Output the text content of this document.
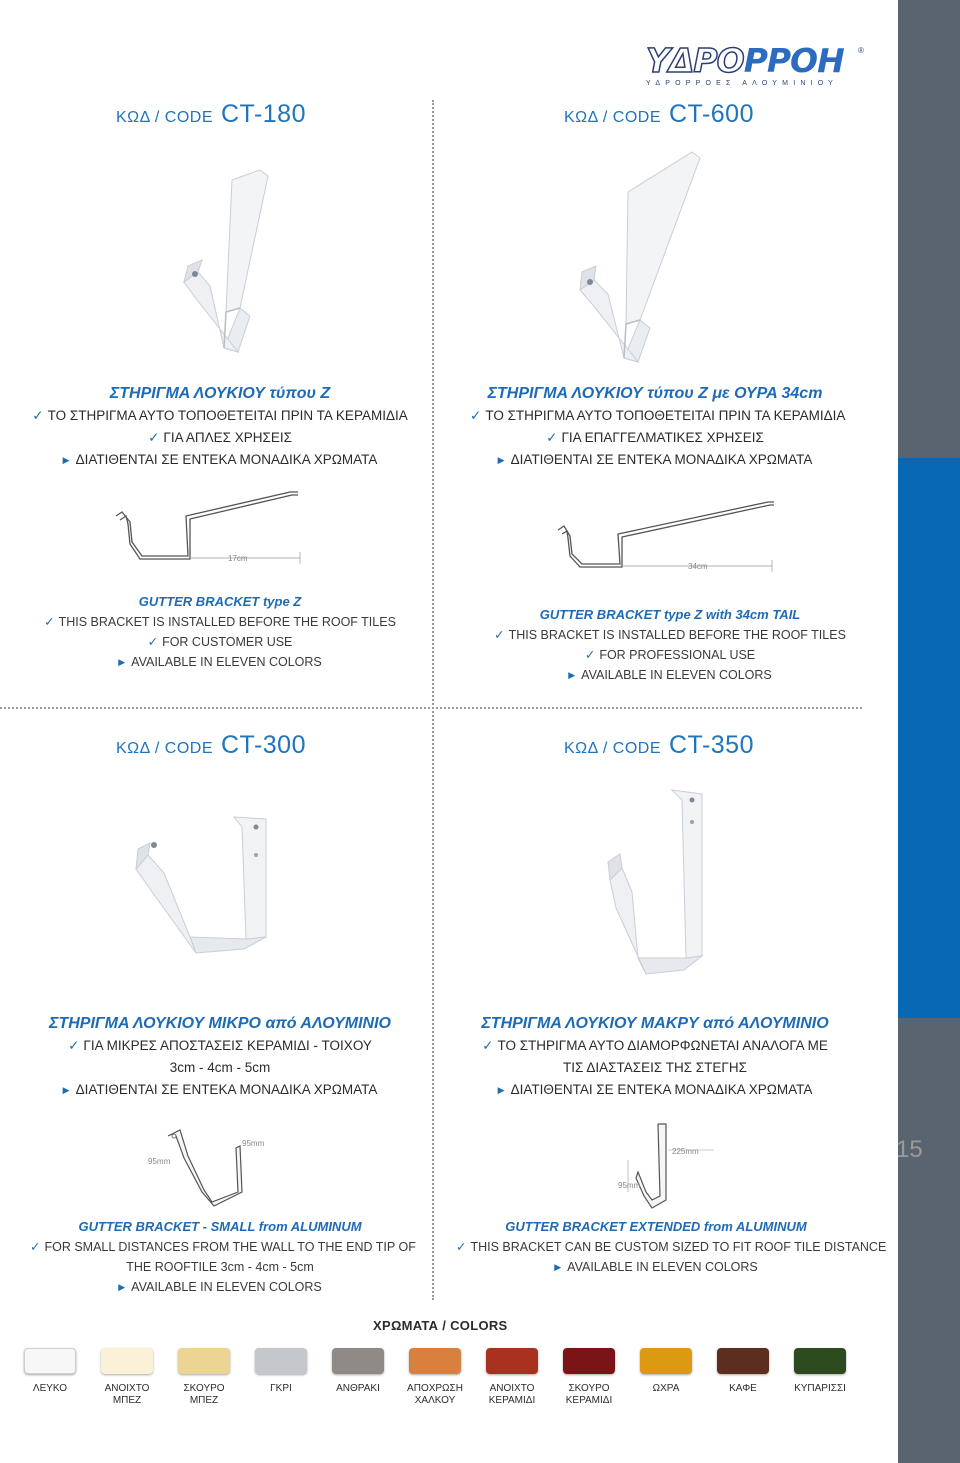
ΥΔΡΟΡΡΟΗ
ΥΔΡΟΡΡΟΕΣ ΑΛΟΥΜΙΝΙΟΥ
®
ΚΩΔ / CODE CT-180
ΣΤΗΡΙΓΜΑ ΛΟΥΚΙΟΥ τύπου Ζ
✓ ΤΟ ΣΤΗΡΙΓΜΑ ΑΥΤΟ ΤΟΠΟΘΕΤΕΙΤΑΙ ΠΡΙΝ ΤΑ ΚΕΡΑΜΙΔΙΑ
✓ ΓΙΑ ΑΠΛΕΣ ΧΡΗΣΕΙΣ
▶ ΔΙΑΤΙΘΕΝΤΑΙ ΣΕ ΕΝΤΕΚΑ ΜΟΝΑΔΙΚΑ ΧΡΩΜΑΤΑ
17cm
GUTTER BRACKET type Z
✓ THIS BRACKET IS INSTALLED BEFORE THE ROOF TILES
✓ FOR CUSTOMER USE
▶ AVAILABLE IN ELEVEN COLORS
ΚΩΔ / CODE CT-600
ΣΤΗΡΙΓΜΑ ΛΟΥΚΙΟΥ τύπου Ζ με ΟΥΡΑ 34cm
✓ ΤΟ ΣΤΗΡΙΓΜΑ ΑΥΤΟ ΤΟΠΟΘΕΤΕΙΤΑΙ ΠΡΙΝ ΤΑ ΚΕΡΑΜΙΔΙΑ
✓ ΓΙΑ ΕΠΑΓΓΕΛΜΑΤΙΚΕΣ ΧΡΗΣΕΙΣ
▶ ΔΙΑΤΙΘΕΝΤΑΙ ΣΕ ΕΝΤΕΚΑ ΜΟΝΑΔΙΚΑ ΧΡΩΜΑΤΑ
34cm
GUTTER BRACKET type Z with 34cm TAIL
✓ THIS BRACKET IS INSTALLED BEFORE THE ROOF TILES
✓ FOR PROFESSIONAL USE
▶ AVAILABLE IN ELEVEN COLORS
ΚΩΔ / CODE CT-300
ΣΤΗΡΙΓΜΑ ΛΟΥΚΙΟΥ ΜΙΚΡΟ από ΑΛΟΥΜΙΝΙΟ
✓ ΓΙΑ ΜΙΚΡΕΣ ΑΠΟΣΤΑΣΕΙΣ ΚΕΡΑΜΙΔΙ - ΤΟΙΧΟΥ
3cm - 4cm - 5cm
▶ ΔΙΑΤΙΘΕΝΤΑΙ ΣΕ ΕΝΤΕΚΑ ΜΟΝΑΔΙΚΑ ΧΡΩΜΑΤΑ
95mm
95mm
GUTTER BRACKET - SMALL from ALUMINUM
✓ FOR SMALL DISTANCES FROM THE WALL TO THE END TIP OF
THE ROOFTILE 3cm - 4cm - 5cm
▶ AVAILABLE IN ELEVEN COLORS
ΚΩΔ / CODE CT-350
ΣΤΗΡΙΓΜΑ ΛΟΥΚΙΟΥ ΜΑΚΡΥ από ΑΛΟΥΜΙΝΙΟ
✓ ΤΟ ΣΤΗΡΙΓΜΑ ΑΥΤΟ ΔΙΑΜΟΡΦΩΝΕΤΑΙ ΑΝΑΛΟΓΑ ΜΕ
ΤΙΣ ΔΙΑΣΤΑΣΕΙΣ ΤΗΣ ΣΤΕΓΗΣ
▶ ΔΙΑΤΙΘΕΝΤΑΙ ΣΕ ΕΝΤΕΚΑ ΜΟΝΑΔΙΚΑ ΧΡΩΜΑΤΑ
225mm
95mm
GUTTER BRACKET EXTENDED from ALUMINUM
✓ THIS BRACKET CAN BE CUSTOM SIZED TO FIT ROOF TILE DISTANCE
▶ AVAILABLE IN ELEVEN COLORS
15
ΧΡΩΜΑΤΑ / COLORS
ΛΕΥΚΟ	ΑΝΟΙΧΤΟ
ΜΠΕΖ
ΣΚΟΥΡΟ
ΜΠΕΖ
ΓΚΡΙ	ΑΝΘΡΑΚΙ	ΑΠΟΧΡΩΣΗ
ΧΑΛΚΟΥ
ΑΝΟΙΧΤΟ
ΚΕΡΑΜΙΔΙ
ΣΚΟΥΡΟ
ΚΕΡΑΜΙΔΙ
ΩΧΡΑ	ΚΑΦΕ	ΚΥΠΑΡΙΣΣΙ
